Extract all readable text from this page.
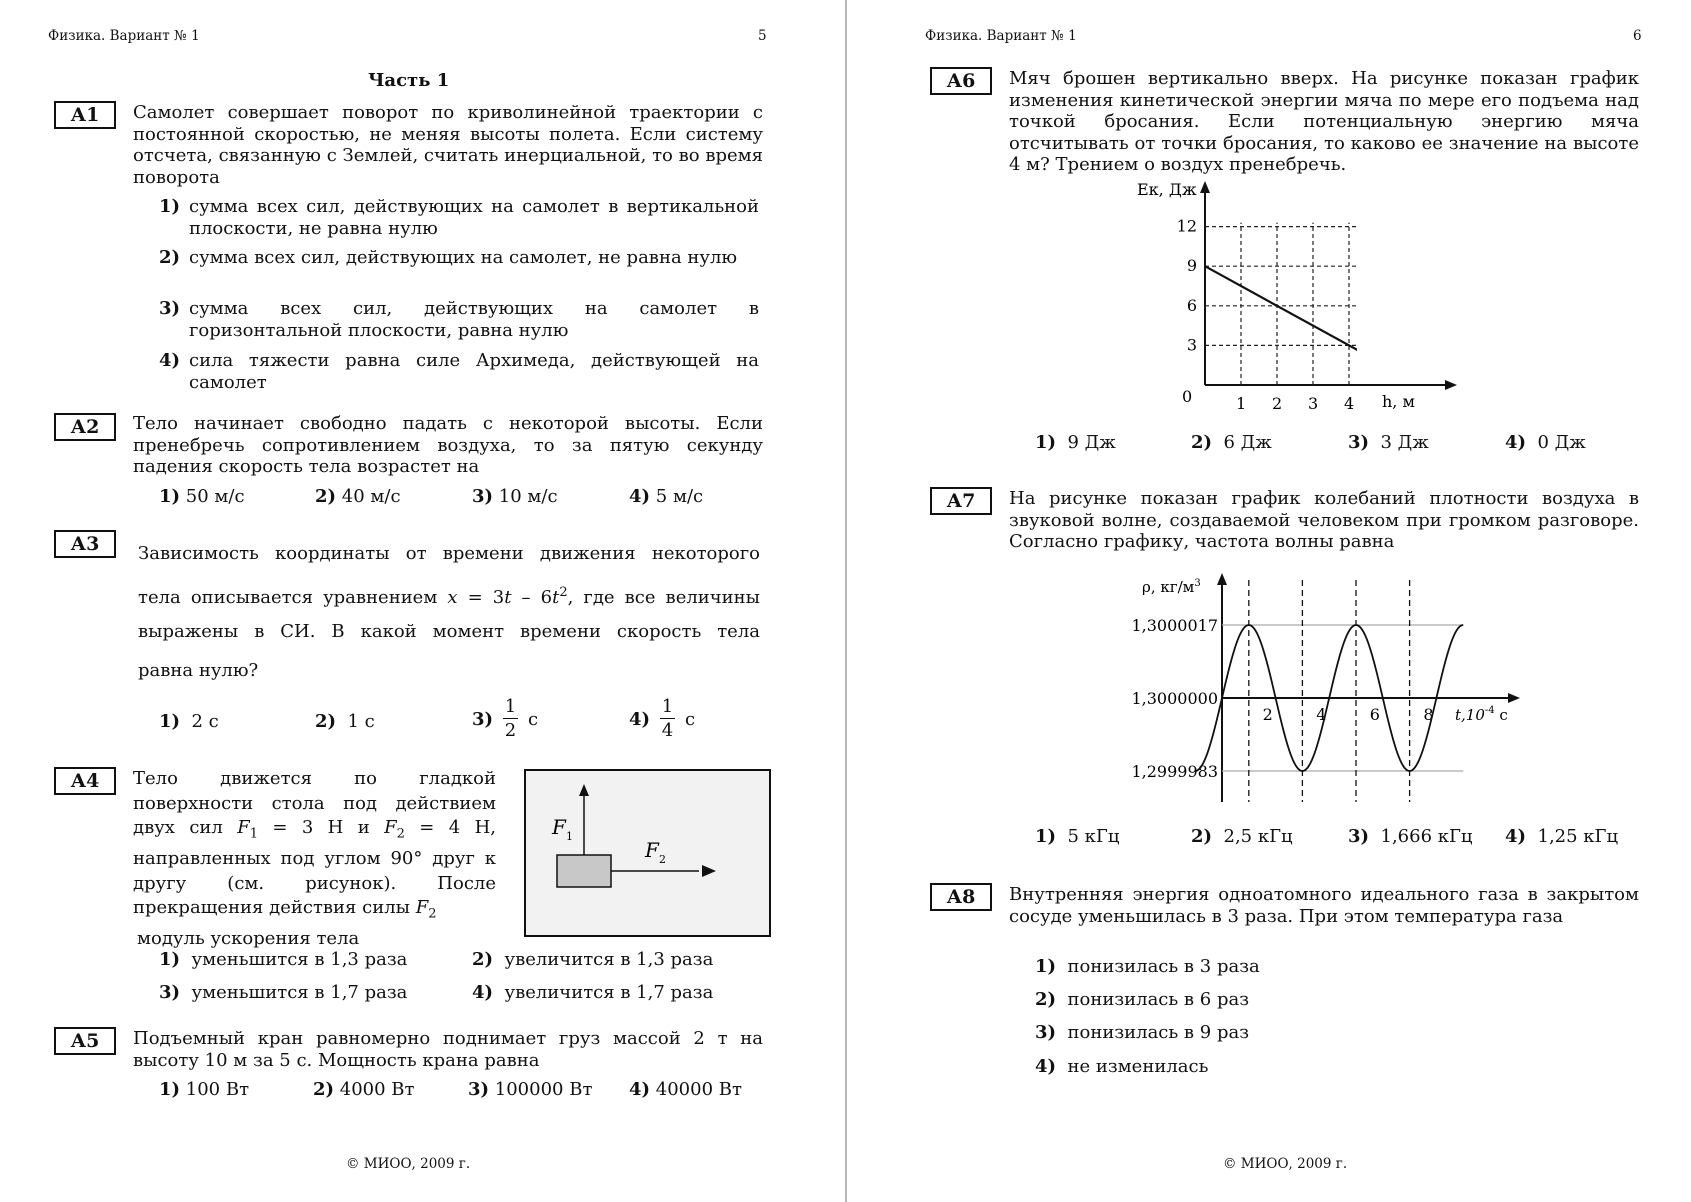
Физика. Вариант № 1	5
Часть 1
А1	Самолет совершает поворот по криволинейной траектории с постоянной скоростью, не меняя высоты полета. Если систему отсчета, связанную с Землей, считать инерциальной, то во время поворота
1) сумма всех сил, действующих на самолет в вертикальной плоскости, не равна нулю
2) сумма всех сил, действующих на самолет, не равна нулю
3) сумма всех сил, действующих на самолет в горизонтальной плоскости, равна нулю
4) сила тяжести равна силе Архимеда, действующей на самолет
А2	Тело начинает свободно падать с некоторой высоты. Если пренебречь сопротивлением воздуха, то за пятую секунду падения скорость тела возрастет на
1) 50 м/с	2) 40 м/с	3) 10 м/с	4) 5 м/с
А3	Зависимость координаты от времени движения некоторого
тела описывается уравнением $x = 3t - 6t^2$, где все величины
выражены в СИ. В какой момент времени скорость тела
равна нулю?
1) 2 с	2) 1 с	$3) \frac{1}{2}$ с	$4) \frac{1}{4}$ с
А4	Тело движется по гладкой поверхности стола под действием двух сил $F_1 = 3$ Н и $F_2 = 4$ Н, направленных под углом 90° друг к другу (см. рисунок). После прекращения действия силы $F_2$
модуль ускорения тела
F 1
F 2
1) уменьшится в 1,3 раза	2) увеличится в 1,3 раза
3) уменьшится в 1,7 раза	4) увеличится в 1,7 раза
А5	Подъемный кран равномерно поднимает груз массой 2 т на высоту 10 м за 5 с. Мощность крана равна
1) 100 Вт	2) 4000 Вт	3) 100000 Вт 4) 40000 Вт
© МИОО, 2009 г.
Физика. Вариант № 1	6
А6	Мяч брошен вертикально вверх. На рисунке показан график изменения кинетической энергии мяча по мере его подъема над точкой бросания. Если потенциальную энергию мяча отсчитывать от точки бросания, то каково ее значение на высоте 4 м? Трением о воздух пренебречь.
Eк, Дж
0
3
6
9
12
1 2 3 4 h, м
1) 9 Дж	2) 6 Дж	3) 3 Дж	4) 0 Дж
А7	На рисунке показан график колебаний плотности воздуха в звуковой волне, создаваемой человеком при громком разговоре. Согласно графику, частота волны равна
ρ, $кг/м^3$
1,3000017
1,3000000
1,2999983
2	4	6	8 $t,10^{-4}$ c
1) 5 кГц	2) 2,5 кГц	3) 1,666 кГц 4) 1,25 кГц
А8	Внутренняя энергия одноатомного идеального газа в закрытом сосуде уменьшилась в 3 раза. При этом температура газа
1) понизилась в 3 раза
2) понизилась в 6 раз
3) понизилась в 9 раз
4) не изменилась
© МИОО, 2009 г.
